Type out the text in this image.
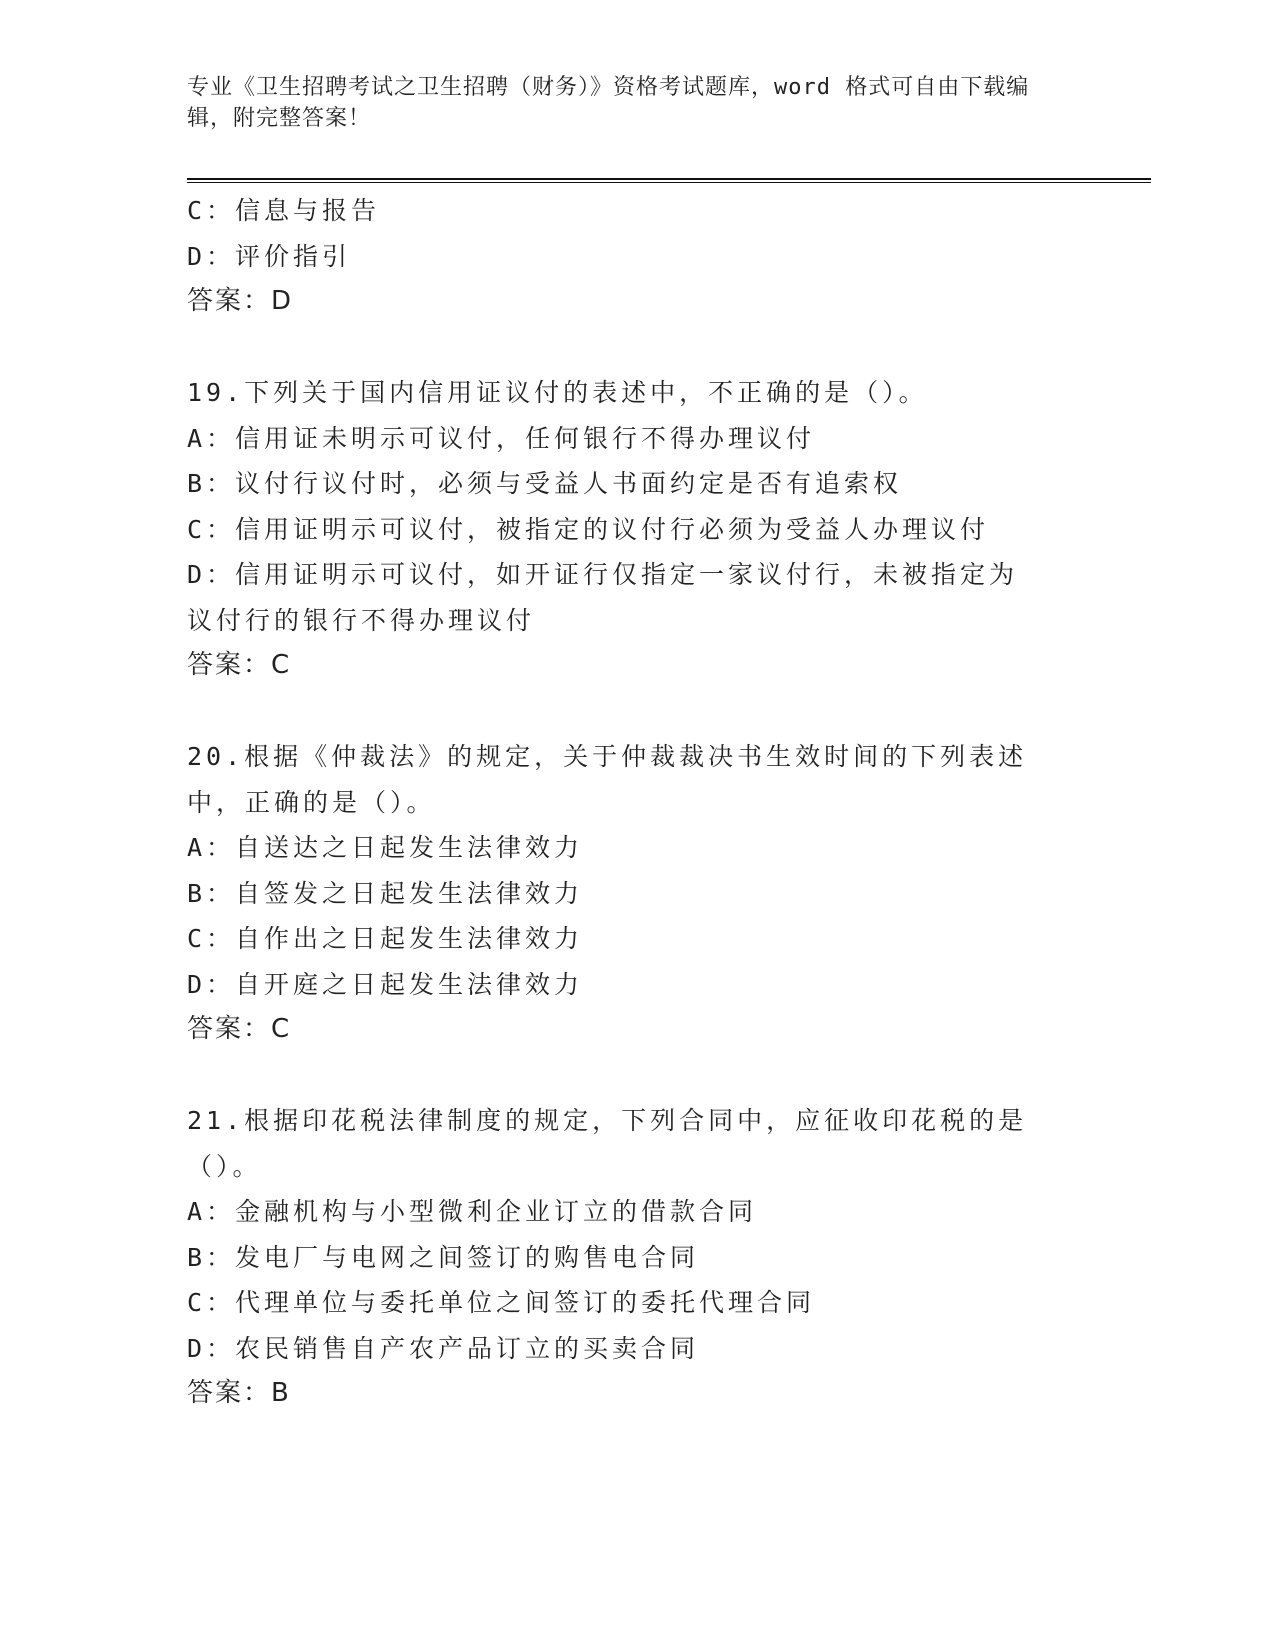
专业《卫生招聘考试之卫生招聘（财务）》资格考试题库，word 格式可自由下载编辑，附完整答案！
C：信息与报告
D：评价指引
答案：D
19.下列关于国内信用证议付的表述中，不正确的是（）。
A：信用证未明示可议付，任何银行不得办理议付
B：议付行议付时，必须与受益人书面约定是否有追索权
C：信用证明示可议付，被指定的议付行必须为受益人办理议付
D：信用证明示可议付，如开证行仅指定一家议付行，未被指定为议付行的银行不得办理议付
答案：C
20.根据《仲裁法》的规定，关于仲裁裁决书生效时间的下列表述中，正确的是（）。
A：自送达之日起发生法律效力
B：自签发之日起发生法律效力
C：自作出之日起发生法律效力
D：自开庭之日起发生法律效力
答案：C
21.根据印花税法律制度的规定，下列合同中，应征收印花税的是（）。
A：金融机构与小型微利企业订立的借款合同
B：发电厂与电网之间签订的购售电合同
C：代理单位与委托单位之间签订的委托代理合同
D：农民销售自产农产品订立的买卖合同
答案：B
